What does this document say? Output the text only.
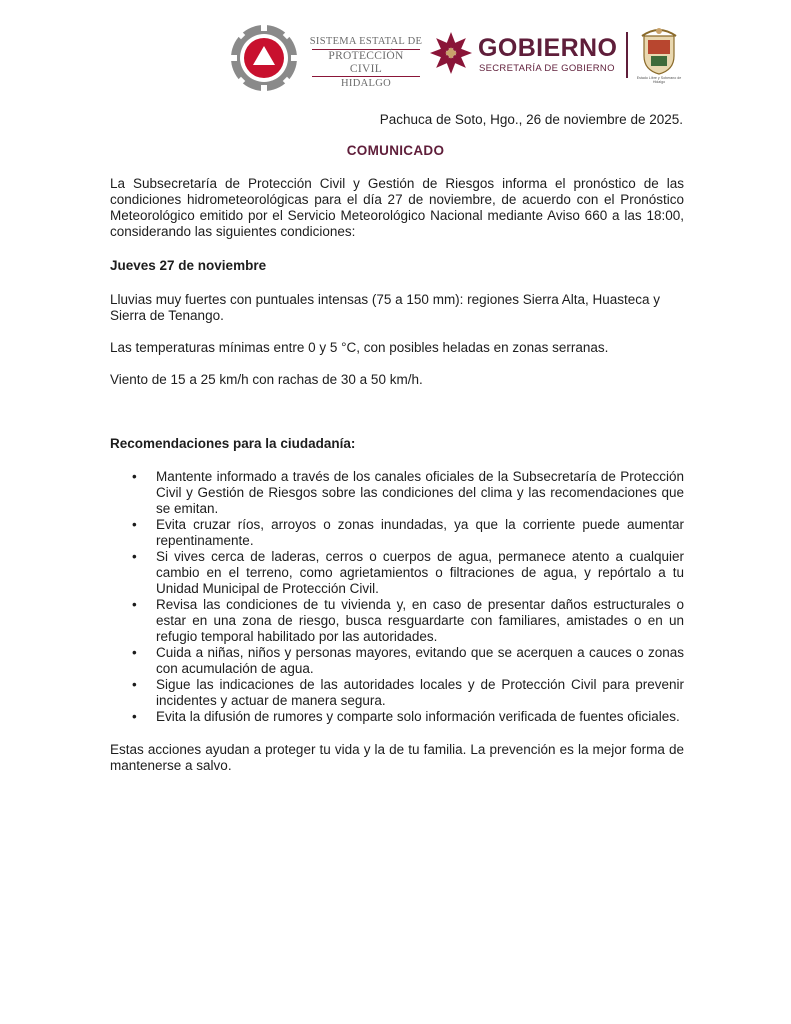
SISTEMA ESTATAL DE
PROTECCIÓN CIVIL
HIDALGO
GOBIERNO
SECRETARÍA DE GOBIERNO
Estado Libre y Soberano de Hidalgo
Pachuca de Soto, Hgo., 26 de noviembre de 2025.
COMUNICADO

La Subsecretaría de Protección Civil y Gestión de Riesgos informa el pronóstico de las condiciones hidrometeorológicas para el día 27 de noviembre, de acuerdo con el Pronóstico Meteorológico emitido por el Servicio Meteorológico Nacional mediante Aviso 660 a las 18:00, considerando las siguientes condiciones:

Jueves 27 de noviembre

Lluvias muy fuertes con puntuales intensas (75 a 150 mm): regiones Sierra Alta, Huasteca y Sierra de Tenango.

Las temperaturas mínimas entre 0 y 5 °C, con posibles heladas en zonas serranas.

Viento de 15 a 25 km/h con rachas de 30 a 50 km/h.

Recomendaciones para la ciudadanía:

• Mantente informado a través de los canales oficiales de la Subsecretaría de Protección Civil y Gestión de Riesgos sobre las condiciones del clima y las recomendaciones que se emitan.
• Evita cruzar ríos, arroyos o zonas inundadas, ya que la corriente puede aumentar repentinamente.
• Si vives cerca de laderas, cerros o cuerpos de agua, permanece atento a cualquier cambio en el terreno, como agrietamientos o filtraciones de agua, y repórtalo a tu Unidad Municipal de Protección Civil.
• Revisa las condiciones de tu vivienda y, en caso de presentar daños estructurales o estar en una zona de riesgo, busca resguardarte con familiares, amistades o en un refugio temporal habilitado por las autoridades.
• Cuida a niñas, niños y personas mayores, evitando que se acerquen a cauces o zonas con acumulación de agua.
• Sigue las indicaciones de las autoridades locales y de Protección Civil para prevenir incidentes y actuar de manera segura.
• Evita la difusión de rumores y comparte solo información verificada de fuentes oficiales.

Estas acciones ayudan a proteger tu vida y la de tu familia. La prevención es la mejor forma de mantenerse a salvo.
